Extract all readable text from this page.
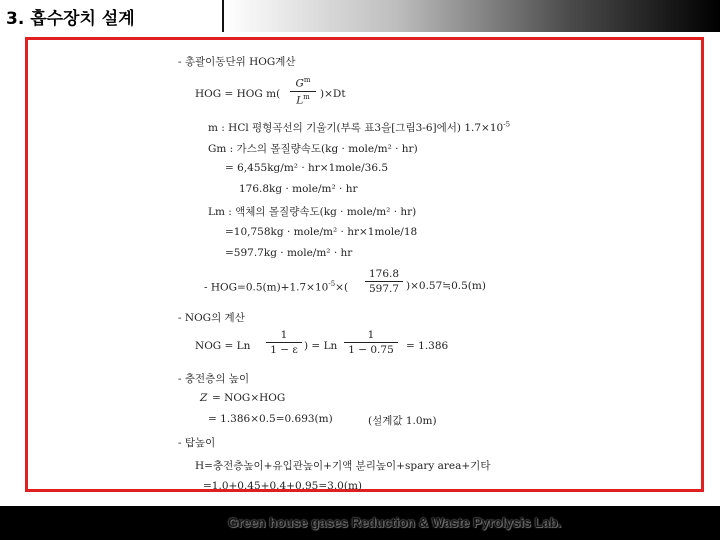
3. 흡수장치 설계
- 총괄이동단위 HOG계산
HOG = HOG m(
$G^m$
$L^m$ )×Dt
m : HCl 평형곡선의 기울기(부록 표3을[그림3-6]에서) $1.7\times 10^{-5}$
Gm : 가스의 몰질량속도(kg · mole/m² · hr)
= 6,455kg/m² · hr×1mole/36.5
176.8kg · mole/m² · hr
Lm : 액체의 몰질량속도(kg · mole/m² · hr)
=10,758kg · mole/m² · hr×1mole/18
=597.7kg · mole/m² · hr
- $HOG=0.5(m)+1.7\times 10^{-5}\times$(
176.8
597.7 )×0.57≒0.5(m)
- NOG의 계산
NOG = Ln
1
1 − ε ) = Ln
1
1 − 0.75	= 1.386
- 충전층의 높이
Z = NOG×HOG
= 1.386×0.5=0.693(m)	(설계값 1.0m)
- 탑높이
H=충전층높이+유입관높이+기액 분리높이+spary area+기타
=1.0+0.45+0.4+0.95=3.0(m)
Green house gases Reduction & Waste Pyrolysis Lab.
